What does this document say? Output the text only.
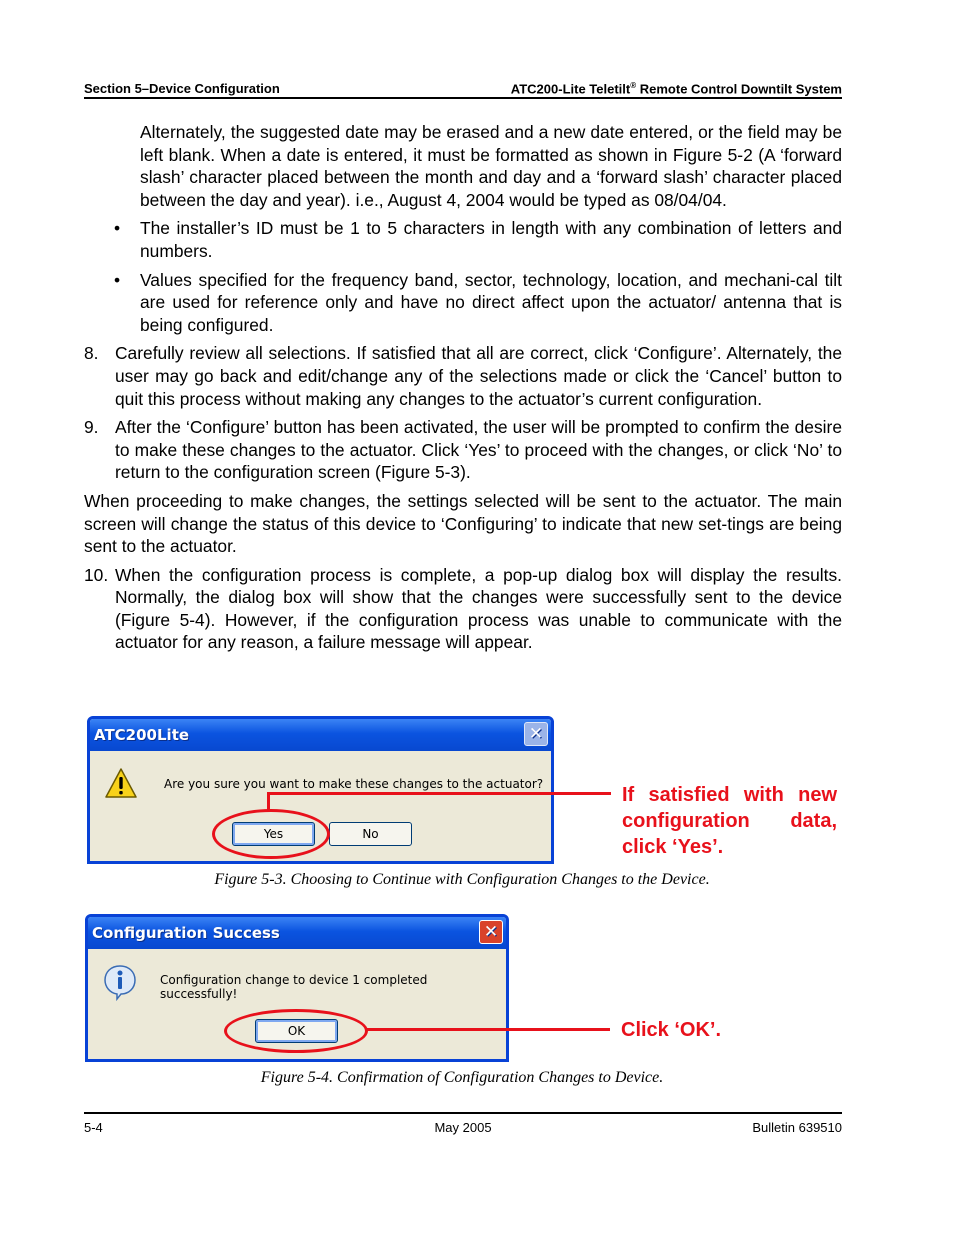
Section 5–Device Configuration	ATC200-Lite Teletilt® Remote Control Downtilt System

Alternately, the suggested date may be erased and a new date entered, or the field may be left blank. When a date is entered, it must be formatted as shown in Figure 5-2 (A ‘forward slash’ character placed between the month and day and a ‘forward slash’ character placed between the day and year). i.e., August 4, 2004 would be typed as 08/04/04.

• The installer’s ID must be 1 to 5 characters in length with any combination of letters and numbers.

• Values specified for the frequency band, sector, technology, location, and mechani-cal tilt are used for reference only and have no direct affect upon the actuator/ antenna that is being configured.

8. Carefully review all selections. If satisfied that all are correct, click ‘Configure’. Alternately, the user may go back and edit/change any of the selections made or click the ‘Cancel’ button to quit this process without making any changes to the actuator’s current configuration.

9. After the ‘Configure’ button has been activated, the user will be prompted to confirm the desire to make these changes to the actuator. Click ‘Yes’ to proceed with the changes, or click ‘No’ to return to the configuration screen (Figure 5-3).

When proceeding to make changes, the settings selected will be sent to the actuator. The main screen will change the status of this device to ‘Configuring’ to indicate that new set-tings are being sent to the actuator.

10. When the configuration process is complete, a pop-up dialog box will display the results. Normally, the dialog box will show that the changes were successfully sent to the device (Figure 5-4). However, if the configuration process was unable to communicate with the actuator for any reason, a failure message will appear.

ATC200Lite	✕
Are you sure you want to make these changes to the actuator?
Yes	No
If satisfied with new configuration data, click ‘Yes’.
Figure 5-3. Choosing to Continue with Configuration Changes to the Device.
Configuration Success	✕
Configuration change to device 1 completed successfully!
OK	Click ‘OK’.
Figure 5-4. Confirmation of Configuration Changes to Device.
5-4	May 2005	Bulletin 639510
